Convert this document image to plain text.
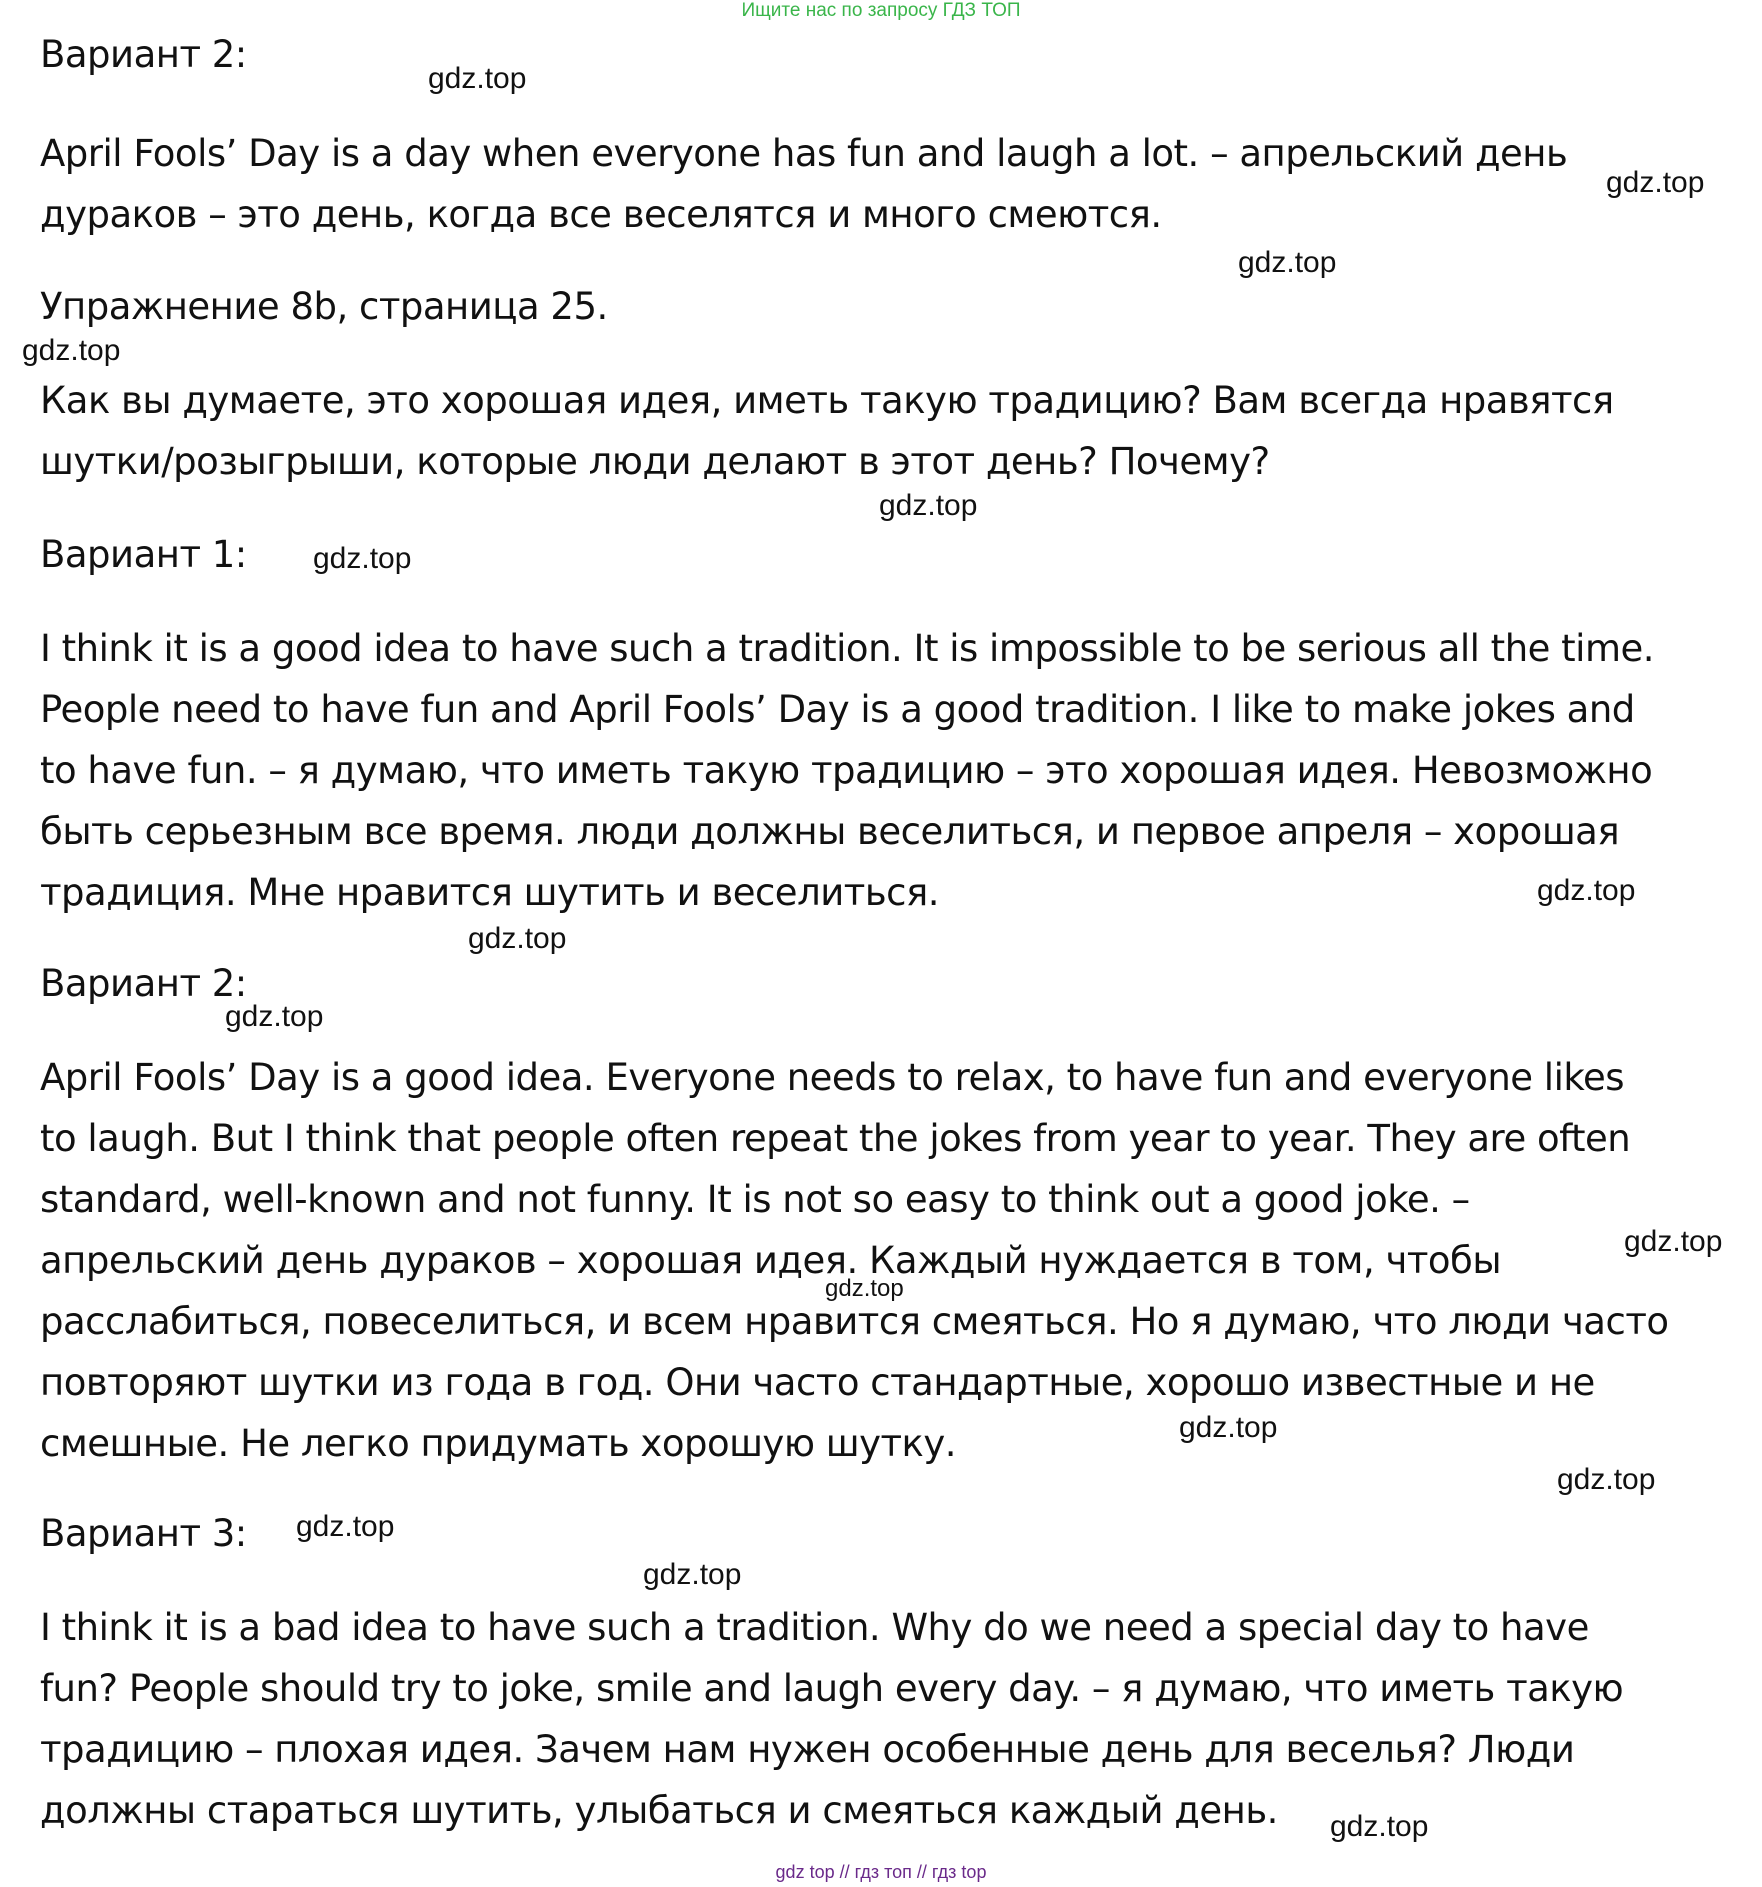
Ищите нас по запросу ГДЗ ТОП
Вариант 2:
April Fools’ Day is a day when everyone has fun and laugh a lot. – апрельский день
дураков – это день, когда все веселятся и много смеются.
Упражнение 8b, страница 25.
Как вы думаете, это хорошая идея, иметь такую традицию? Вам всегда нравятся
шутки/розыгрыши, которые люди делают в этот день? Почему?
Вариант 1:
I think it is a good idea to have such a tradition. It is impossible to be serious all the time.
People need to have fun and April Fools’ Day is a good tradition. I like to make jokes and
to have fun. – я думаю, что иметь такую традицию – это хорошая идея. Невозможно
быть серьезным все время. люди должны веселиться, и первое апреля – хорошая
традиция. Мне нравится шутить и веселиться.
Вариант 2:
April Fools’ Day is a good idea. Everyone needs to relax, to have fun and everyone likes
to laugh. But I think that people often repeat the jokes from year to year. They are often
standard, well-known and not funny. It is not so easy to think out a good joke. –
апрельский день дураков – хорошая идея. Каждый нуждается в том, чтобы
расслабиться, повеселиться, и всем нравится смеяться. Но я думаю, что люди часто
повторяют шутки из года в год. Они часто стандартные, хорошо известные и не
смешные. Не легко придумать хорошую шутку.
Вариант 3:
I think it is a bad idea to have such a tradition. Why do we need a special day to have
fun? People should try to joke, smile and laugh every day. – я думаю, что иметь такую
традицию – плохая идея. Зачем нам нужен особенные день для веселья? Люди
должны стараться шутить, улыбаться и смеяться каждый день.
gdz.top
gdz.top
gdz.top
gdz.top
gdz.top
gdz.top
gdz.top
gdz.top
gdz.top
gdz.top
gdz.top
gdz.top
gdz.top
gdz.top
gdz.top
gdz.top
gdz top // гдз топ // гдз top
